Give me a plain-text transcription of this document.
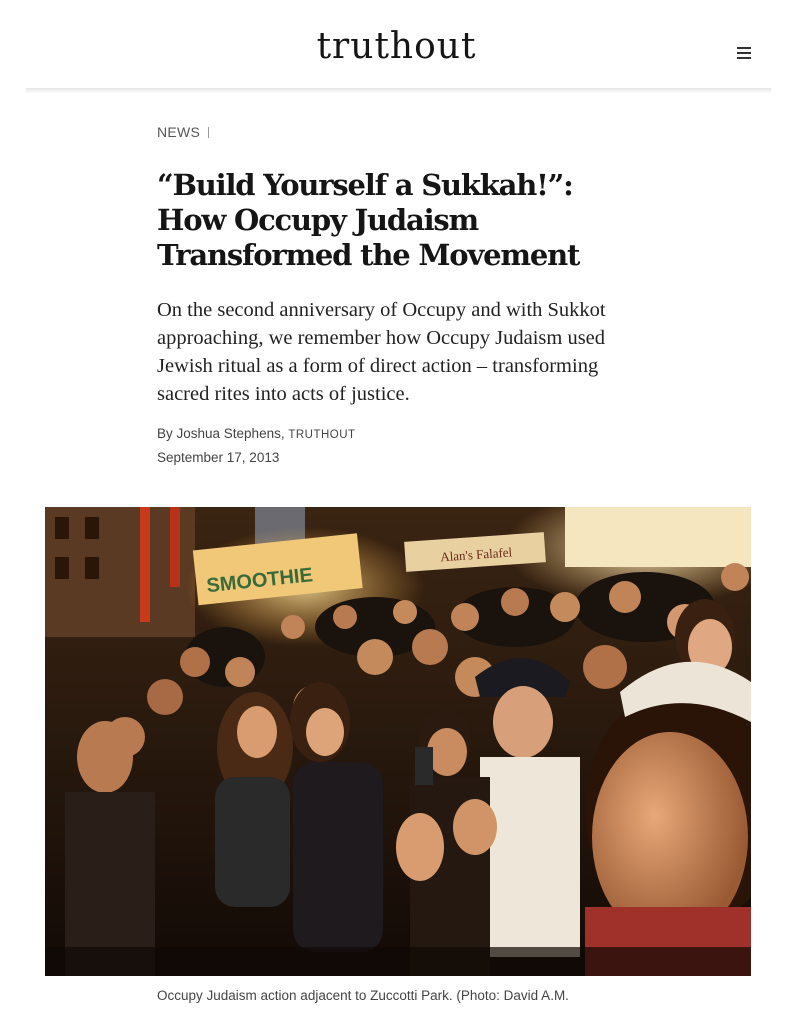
truthout
NEWS
“Build Yourself a Sukkah!”: How Occupy Judaism Transformed the Movement

On the second anniversary of Occupy and with Sukkot approaching, we remember how Occupy Judaism used Jewish ritual as a form of direct action – transforming sacred rites into acts of justice.

By Joshua Stephens, TRUTHOUT
September 17, 2013
SMOOTHIE
Alan's Falafel
Occupy Judaism action adjacent to Zuccotti Park. (Photo: David A.M.
